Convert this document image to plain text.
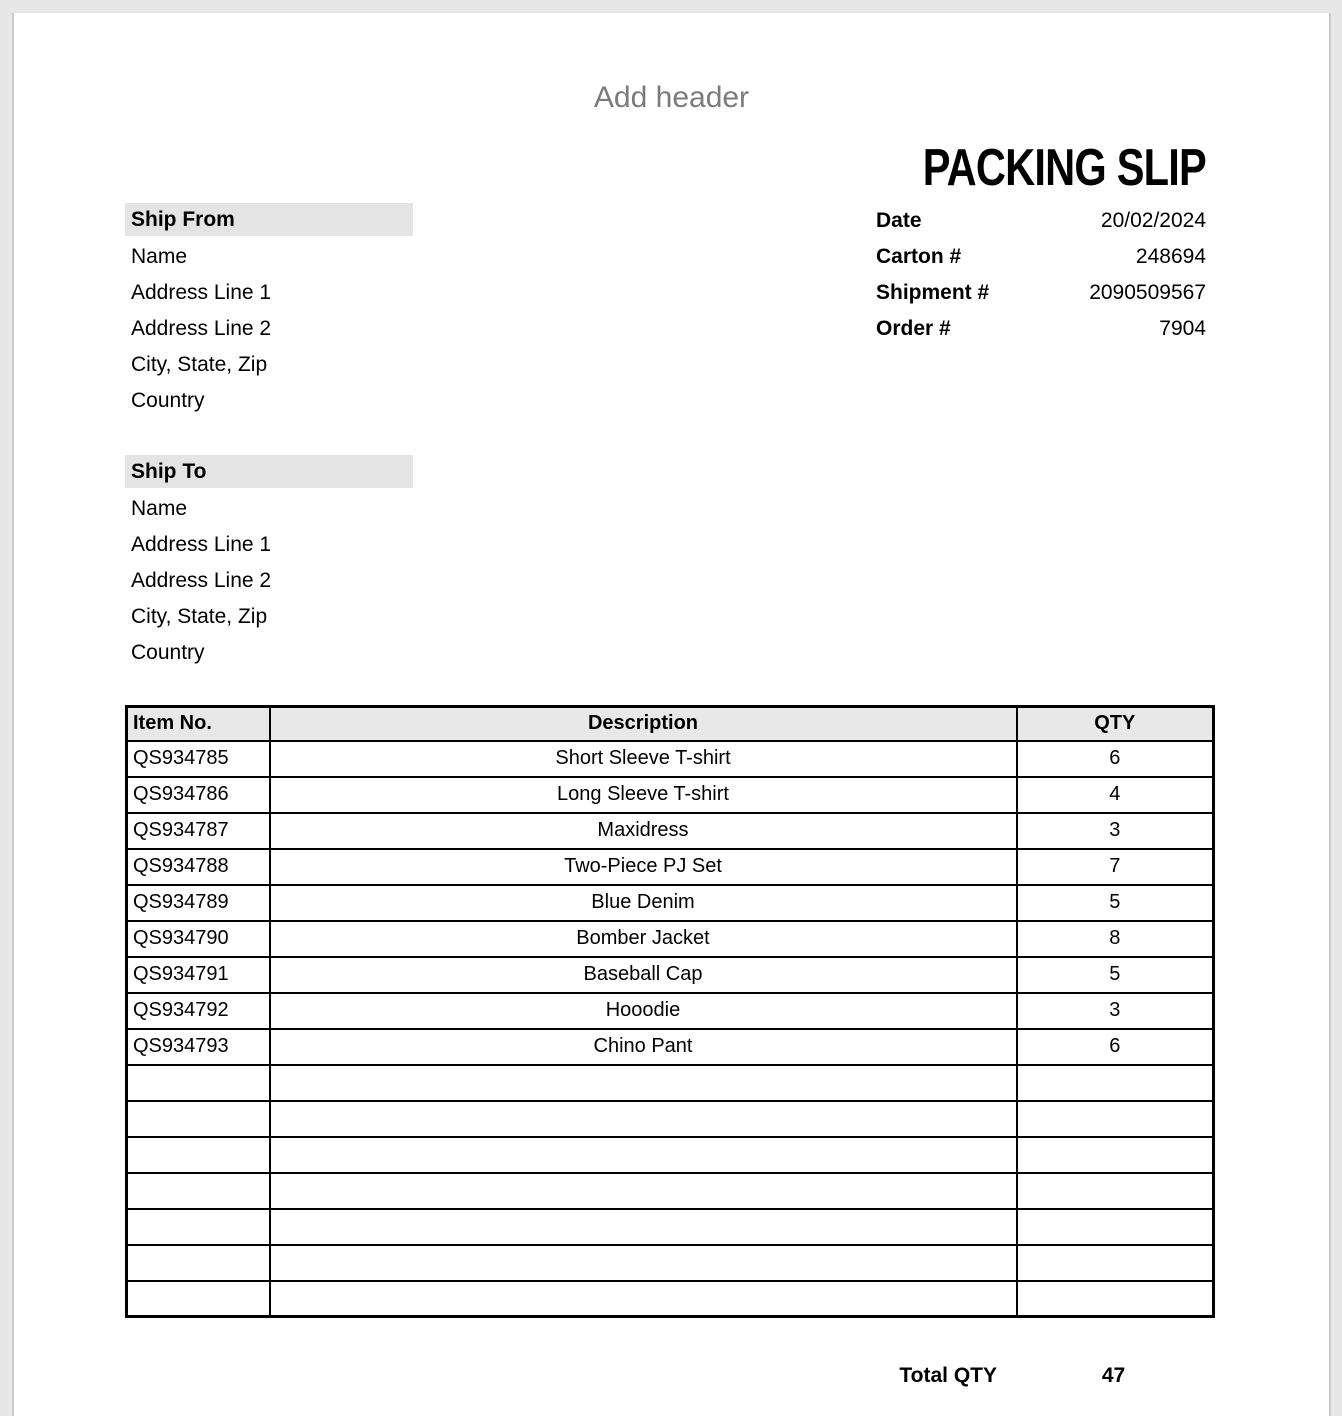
Add header
PACKING SLIP
Ship From
Name
Address Line 1
Address Line 2
City, State, Zip
Country
Date	20/02/2024
Carton #	248694
Shipment #	2090509567
Order #	7904
Ship To
Name
Address Line 1
Address Line 2
City, State, Zip
Country
Item No.	Description	QTY
QS934785	Short Sleeve T-shirt	6
QS934786	Long Sleeve T-shirt	4
QS934787	Maxidress	3
QS934788	Two-Piece PJ Set	7
QS934789	Blue Denim	5
QS934790	Bomber Jacket	8
QS934791	Baseball Cap	5
QS934792	Hooodie	3
QS934793	Chino Pant	6

Total QTY	47
